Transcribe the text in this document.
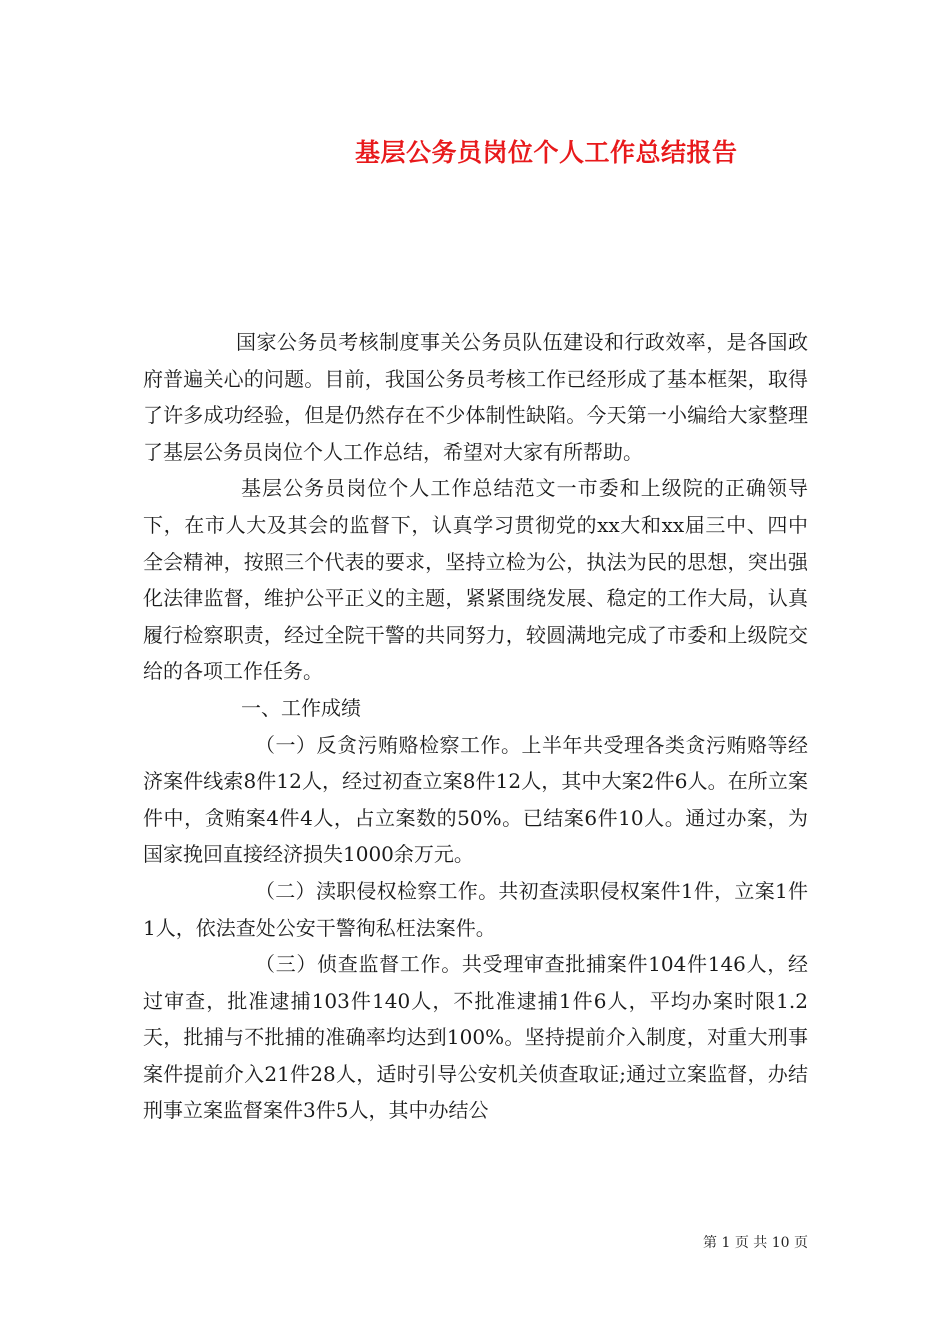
基层公务员岗位个人工作总结报告

国家公务员考核制度事关公务员队伍建设和行政效率，是各国政府普遍关心的问题。目前，我国公务员考核工作已经形成了基本框架，取得了许多成功经验，但是仍然存在不少体制性缺陷。今天第一小编给大家整理了基层公务员岗位个人工作总结，希望对大家有所帮助。

基层公务员岗位个人工作总结范文一市委和上级院的正确领导下，在市人大及其会的监督下，认真学习贯彻党的xx大和xx届三中、四中全会精神，按照三个代表的要求，坚持立检为公，执法为民的思想，突出强化法律监督，维护公平正义的主题，紧紧围绕发展、稳定的工作大局，认真履行检察职责，经过全院干警的共同努力，较圆满地完成了市委和上级院交给的各项工作任务。

一、工作成绩

（一）反贪污贿赂检察工作。上半年共受理各类贪污贿赂等经济案件线索8件12人，经过初查立案8件12人，其中大案2件6人。在所立案件中，贪贿案4件4人，占立案数的50%。已结案6件10人。通过办案，为国家挽回直接经济损失1000余万元。

（二）渎职侵权检察工作。共初查渎职侵权案件1件，立案1件1人，依法查处公安干警徇私枉法案件。

（三）侦查监督工作。共受理审查批捕案件104件146人，经过审查，批准逮捕103件140人，不批准逮捕1件6人，平均办案时限1.2天，批捕与不批捕的准确率均达到100%。坚持提前介入制度，对重大刑事案件提前介入21件28人，适时引导公安机关侦查取证;通过立案监督，办结刑事立案监督案件3件5人，其中办结公

第 1 页 共 10 页
